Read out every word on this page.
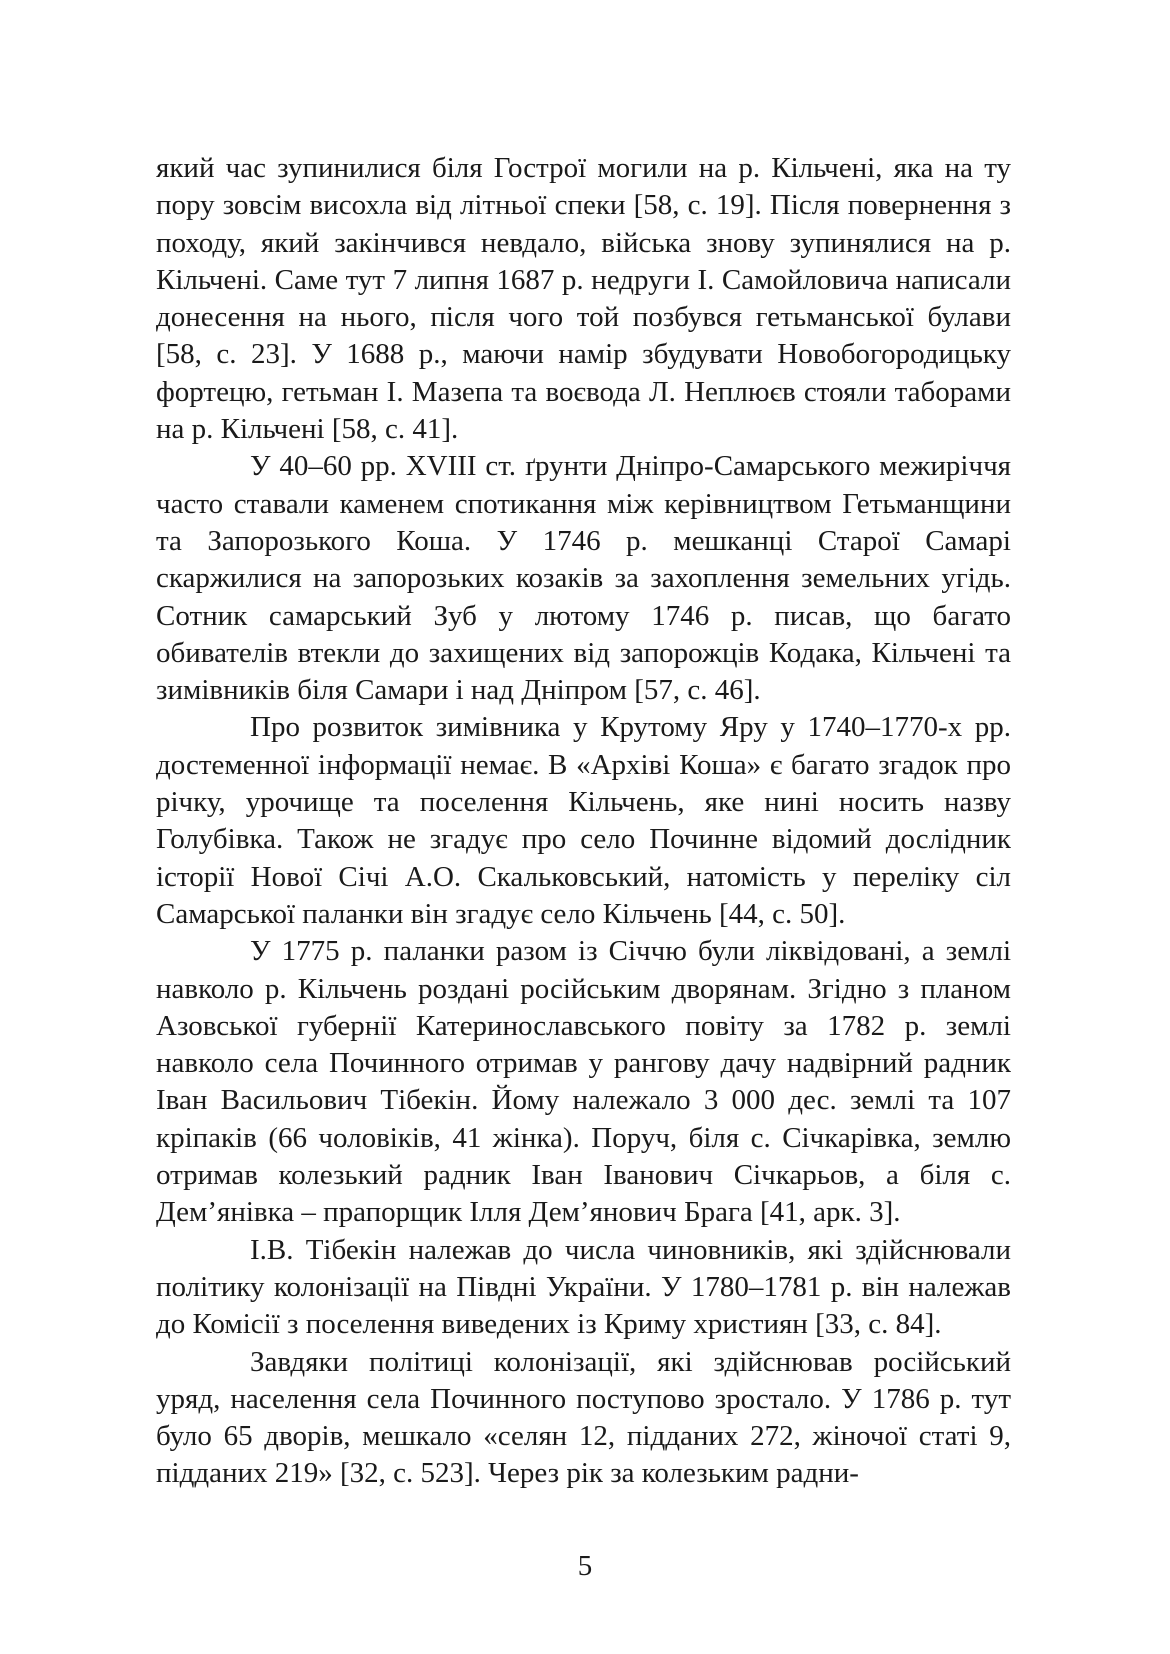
який час зупинилися біля Гострої могили на р. Кільчені, яка на ту пору зовсім висохла від літньої спеки [58, с. 19]. Після повернення з походу, який закінчився невдало, війська знову зупинялися на р. Кільчені. Саме тут 7 липня 1687 р. недруги І. Самойловича написали донесення на нього, після чого той позбувся гетьманської булави [58, с. 23]. У 1688 р., маючи намір збудувати Новобогородицьку фортецю, гетьман І. Мазепа та воєвода Л. Неплюєв стояли таборами на р. Кільчені [58, с. 41].

У 40–60 рр. XVIII ст. ґрунти Дніпро-Самарського межиріччя часто ставали каменем спотикання між керівництвом Гетьманщини та Запорозького Коша. У 1746 р. мешканці Старої Самарі скаржилися на запорозьких козаків за захоплення земельних угідь. Сотник самарський Зуб у лютому 1746 р. писав, що багато обивателів втекли до захищених від запорожців Кодака, Кільчені та зимівників біля Самари і над Дніпром [57, с. 46].

Про розвиток зимівника у Крутому Яру у 1740–1770-х рр. достеменної інформації немає. В «Архіві Коша» є багато згадок про річку, урочище та поселення Кільчень, яке нині носить назву Голубівка. Також не згадує про село Починне відомий дослідник історії Нової Січі А.О. Скальковський, натомість у переліку сіл Самарської паланки він згадує село Кільчень [44, с. 50].

У 1775 р. паланки разом із Січчю були ліквідовані, а землі навколо р. Кільчень роздані російським дворянам. Згідно з планом Азовської губернії Катеринославського повіту за 1782 р. землі навколо села Починного отримав у рангову дачу надвірний радник Іван Васильович Тібекін. Йому належало 3 000 дес. землі та 107 кріпаків (66 чоловіків, 41 жінка). Поруч, біля с. Січкарівка, землю отримав колезький радник Іван Іванович Січкарьов, а біля с. Дем’янівка – прапорщик Ілля Дем’янович Брага [41, арк. 3].

І.В. Тібекін належав до числа чиновників, які здійснювали політику колонізації на Півдні України. У 1780–1781 р. він належав до Комісії з поселення виведених із Криму християн [33, с. 84].

Завдяки політиці колонізації, які здійснював російський уряд, населення села Починного поступово зростало. У 1786 р. тут було 65 дворів, мешкало «селян 12, підданих 272, жіночої статі 9, підданих 219» [32, с. 523]. Через рік за колезьким радни-

5
